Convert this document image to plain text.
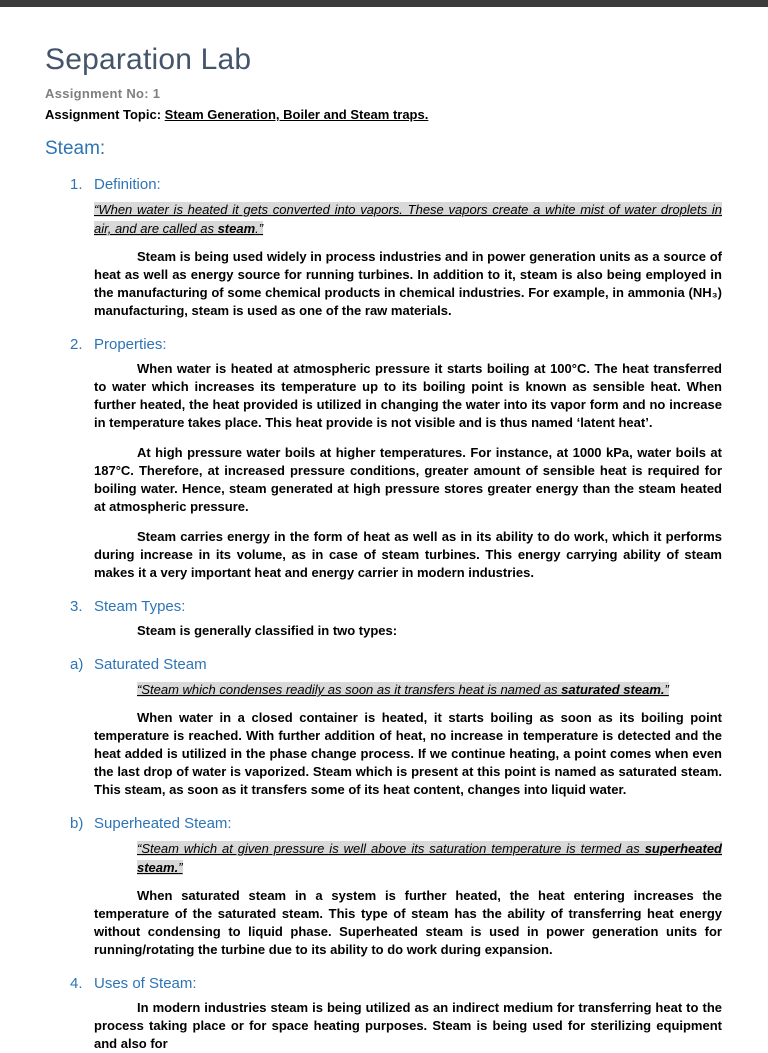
Separation Lab

Assignment No: 1

Assignment Topic: Steam Generation, Boiler and Steam traps.

Steam:
1. Definition:

“When water is heated it gets converted into vapors. These vapors create a white mist of water droplets in air, and are called as steam.”

Steam is being used widely in process industries and in power generation units as a source of heat as well as energy source for running turbines. In addition to it, steam is also being employed in the manufacturing of some chemical products in chemical industries. For example, in ammonia (NH₃) manufacturing, steam is used as one of the raw materials.

2. Properties:

When water is heated at atmospheric pressure it starts boiling at 100°C. The heat transferred to water which increases its temperature up to its boiling point is known as sensible heat. When further heated, the heat provided is utilized in changing the water into its vapor form and no increase in temperature takes place. This heat provide is not visible and is thus named ‘latent heat’.

At high pressure water boils at higher temperatures. For instance, at 1000 kPa, water boils at 187°C. Therefore, at increased pressure conditions, greater amount of sensible heat is required for boiling water. Hence, steam generated at high pressure stores greater energy than the steam heated at atmospheric pressure.

Steam carries energy in the form of heat as well as in its ability to do work, which it performs during increase in its volume, as in case of steam turbines. This energy carrying ability of steam makes it a very important heat and energy carrier in modern industries.

3. Steam Types:

Steam is generally classified in two types:

a) Saturated Steam

“Steam which condenses readily as soon as it transfers heat is named as saturated steam.”

When water in a closed container is heated, it starts boiling as soon as its boiling point temperature is reached. With further addition of heat, no increase in temperature is detected and the heat added is utilized in the phase change process. If we continue heating, a point comes when even the last drop of water is vaporized. Steam which is present at this point is named as saturated steam. This steam, as soon as it transfers some of its heat content, changes into liquid water.

b) Superheated Steam:

“Steam which at given pressure is well above its saturation temperature is termed as superheated steam.”

When saturated steam in a system is further heated, the heat entering increases the temperature of the saturated steam. This type of steam has the ability of transferring heat energy without condensing to liquid phase. Superheated steam is used in power generation units for running/rotating the turbine due to its ability to do work during expansion.

4. Uses of Steam:

In modern industries steam is being utilized as an indirect medium for transferring heat to the process taking place or for space heating purposes. Steam is being used for sterilizing equipment and also for
